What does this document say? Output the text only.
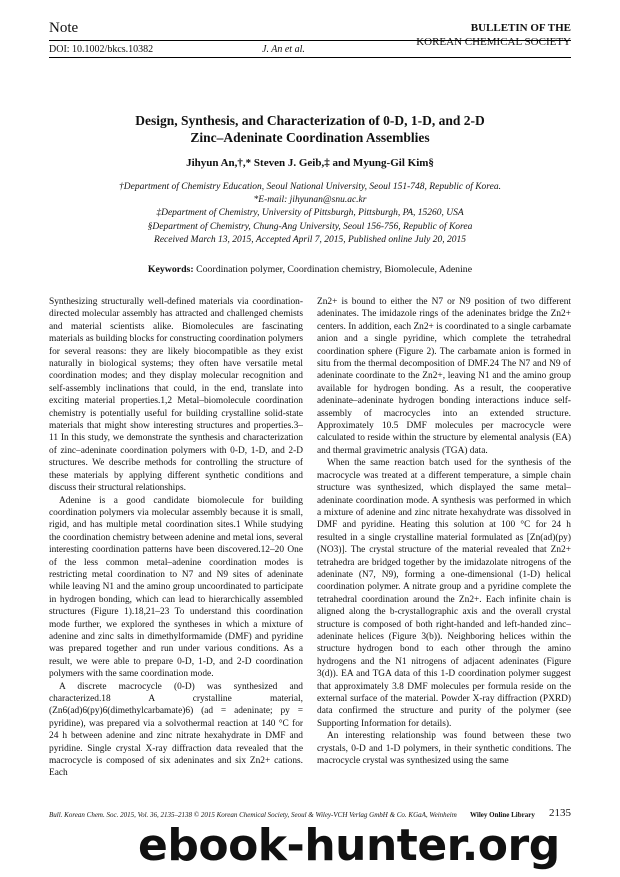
Note
DOI: 10.1002/bkcs.10382	J. An et al.
BULLETIN OF THE
KOREAN CHEMICAL SOCIETY
Design, Synthesis, and Characterization of 0-D, 1-D, and 2-D
Zinc–Adeninate Coordination Assemblies
Jihyun An,†,* Steven J. Geib,‡ and Myung-Gil Kim§
†Department of Chemistry Education, Seoul National University, Seoul 151-748, Republic of Korea.
*E-mail: jihyunan@snu.ac.kr
‡Department of Chemistry, University of Pittsburgh, Pittsburgh, PA, 15260, USA
§Department of Chemistry, Chung-Ang University, Seoul 156-756, Republic of Korea
Received March 13, 2015, Accepted April 7, 2015, Published online July 20, 2015
Keywords: Coordination polymer, Coordination chemistry, Biomolecule, Adenine

Synthesizing structurally well-defined materials via coordination-directed molecular assembly has attracted and challenged chemists and material scientists alike. Biomolecules are fascinating materials as building blocks for constructing coordination polymers for several reasons: they are likely biocompatible as they exist naturally in biological systems; they often have versatile metal coordination modes; and they display molecular recognition and self-assembly inclinations that could, in the end, translate into exciting material properties.1,2 Metal–biomolecule coordination chemistry is potentially useful for building crystalline solid-state materials that might show interesting structures and properties.3–11 In this study, we demonstrate the synthesis and characterization of zinc–adeninate coordination polymers with 0-D, 1-D, and 2-D structures. We describe methods for controlling the structure of these materials by applying different synthetic conditions and discuss their structural relationships.

Adenine is a good candidate biomolecule for building coordination polymers via molecular assembly because it is small, rigid, and has multiple metal coordination sites.1 While studying the coordination chemistry between adenine and metal ions, several interesting coordination patterns have been discovered.12–20 One of the less common metal–adenine coordination modes is restricting metal coordination to N7 and N9 sites of adeninate while leaving N1 and the amino group uncoordinated to participate in hydrogen bonding, which can lead to hierarchically assembled structures (Figure 1).18,21–23 To understand this coordination mode further, we explored the syntheses in which a mixture of adenine and zinc salts in dimethylformamide (DMF) and pyridine was prepared together and run under various conditions. As a result, we were able to prepare 0-D, 1-D, and 2-D coordination polymers with the same coordination mode.

A discrete macrocycle (0-D) was synthesized and characterized.18 A crystalline material, (Zn6(ad)6(py)6(dimethylcarbamate)6) (ad = adeninate; py = pyridine), was prepared via a solvothermal reaction at 140 °C for 24 h between adenine and zinc nitrate hexahydrate in DMF and pyridine. Single crystal X-ray diffraction data revealed that the macrocycle is composed of six adeninates and six Zn2+ cations. Each

Zn2+ is bound to either the N7 or N9 position of two different adeninates. The imidazole rings of the adeninates bridge the Zn2+ centers. In addition, each Zn2+ is coordinated to a single carbamate anion and a single pyridine, which complete the tetrahedral coordination sphere (Figure 2). The carbamate anion is formed in situ from the thermal decomposition of DMF.24 The N7 and N9 of adeninate coordinate to the Zn2+, leaving N1 and the amino group available for hydrogen bonding. As a result, the cooperative adeninate–adeninate hydrogen bonding interactions induce self-assembly of macrocycles into an extended structure. Approximately 10.5 DMF molecules per macrocycle were calculated to reside within the structure by elemental analysis (EA) and thermal gravimetric analysis (TGA) data.

When the same reaction batch used for the synthesis of the macrocycle was treated at a different temperature, a simple chain structure was synthesized, which displayed the same metal–adeninate coordination mode. A synthesis was performed in which a mixture of adenine and zinc nitrate hexahydrate was dissolved in DMF and pyridine. Heating this solution at 100 °C for 24 h resulted in a single crystalline material formulated as [Zn(ad)(py)(NO3)]. The crystal structure of the material revealed that Zn2+ tetrahedra are bridged together by the imidazolate nitrogens of the adeninate (N7, N9), forming a one-dimensional (1-D) helical coordination polymer. A nitrate group and a pyridine complete the tetrahedral coordination around the Zn2+. Each infinite chain is aligned along the b-crystallographic axis and the overall crystal structure is composed of both right-handed and left-handed zinc–adeninate helices (Figure 3(b)). Neighboring helices within the structure hydrogen bond to each other through the amino hydrogens and the N1 nitrogens of adjacent adeninates (Figure 3(d)). EA and TGA data of this 1-D coordination polymer suggest that approximately 3.8 DMF molecules per formula reside on the external surface of the material. Powder X-ray diffraction (PXRD) data confirmed the structure and purity of the polymer (see Supporting Information for details).

An interesting relationship was found between these two crystals, 0-D and 1-D polymers, in their synthetic conditions. The macrocycle crystal was synthesized using the same

Bull. Korean Chem. Soc. 2015, Vol. 36, 2135–2138 © 2015 Korean Chemical Society, Seoul & Wiley-VCH Verlag GmbH & Co. KGaA, Weinheim	Wiley Online Library 2135
ebook-hunter.org
